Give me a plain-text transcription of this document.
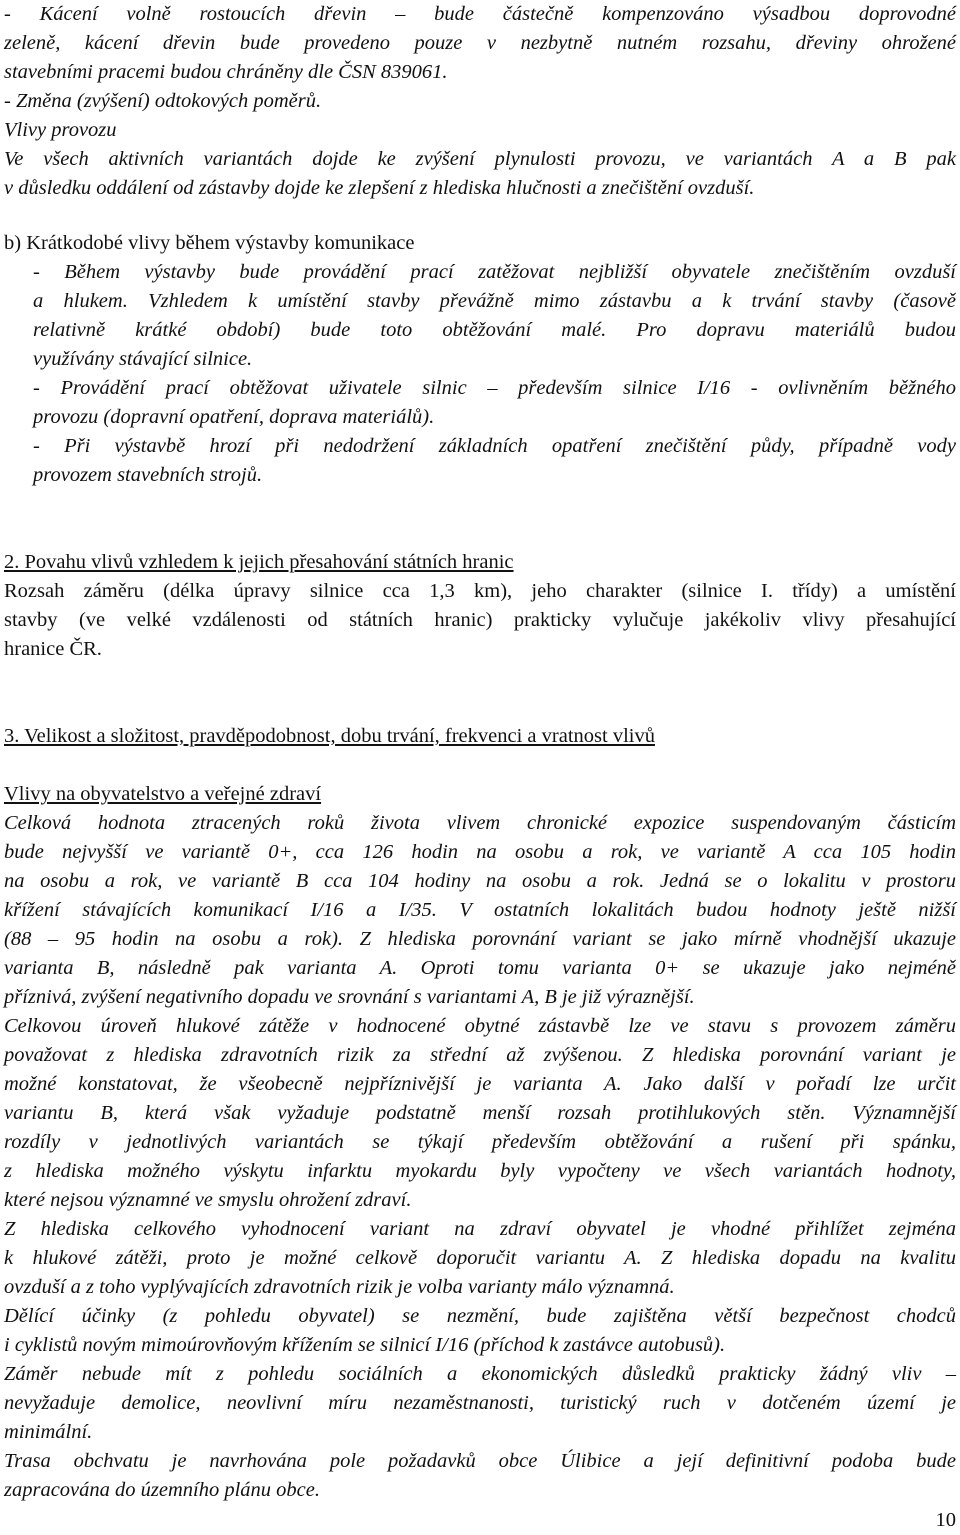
- Kácení volně rostoucích dřevin – bude částečně kompenzováno výsadbou doprovodné
zeleně, kácení dřevin bude provedeno pouze v nezbytně nutném rozsahu, dřeviny ohrožené
stavebními pracemi budou chráněny dle ČSN 839061.
- Změna (zvýšení) odtokových poměrů.
Vlivy provozu
Ve všech aktivních variantách dojde ke zvýšení plynulosti provozu, ve variantách A a B pak
v důsledku oddálení od zástavby dojde ke zlepšení z hlediska hlučnosti a znečištění ovzduší.
b) Krátkodobé vlivy během výstavby komunikace
- Během výstavby bude provádění prací zatěžovat nejbližší obyvatele znečištěním ovzduší
a hlukem. Vzhledem k umístění stavby převážně mimo zástavbu a k trvání stavby (časově
relativně krátké období) bude toto obtěžování malé. Pro dopravu materiálů budou
využívány stávající silnice.
- Provádění prací obtěžovat uživatele silnic – především silnice I/16 - ovlivněním běžného
provozu (dopravní opatření, doprava materiálů).
- Při výstavbě hrozí při nedodržení základních opatření znečištění půdy, případně vody
provozem stavebních strojů.
2. Povahu vlivů vzhledem k jejich přesahování státních hranic
Rozsah záměru (délka úpravy silnice cca 1,3 km), jeho charakter (silnice I. třídy) a umístění
stavby (ve velké vzdálenosti od státních hranic) prakticky vylučuje jakékoliv vlivy přesahující
hranice ČR.
3. Velikost a složitost, pravděpodobnost, dobu trvání, frekvenci a vratnost vlivů
Vlivy na obyvatelstvo a veřejné zdraví
Celková hodnota ztracených roků života vlivem chronické expozice suspendovaným částicím
bude nejvyšší ve variantě 0+, cca 126 hodin na osobu a rok, ve variantě A cca 105 hodin
na osobu a rok, ve variantě B cca 104 hodiny na osobu a rok. Jedná se o lokalitu v prostoru
křížení stávajících komunikací I/16 a I/35. V ostatních lokalitách budou hodnoty ještě nižší
(88 – 95 hodin na osobu a rok). Z hlediska porovnání variant se jako mírně vhodnější ukazuje
varianta B, následně pak varianta A. Oproti tomu varianta 0+ se ukazuje jako nejméně
příznivá, zvýšení negativního dopadu ve srovnání s variantami A, B je již výraznější.
Celkovou úroveň hlukové zátěže v hodnocené obytné zástavbě lze ve stavu s provozem záměru
považovat z hlediska zdravotních rizik za střední až zvýšenou. Z hlediska porovnání variant je
možné konstatovat, že všeobecně nejpříznivější je varianta A. Jako další v pořadí lze určit
variantu B, která však vyžaduje podstatně menší rozsah protihlukových stěn. Významnější
rozdíly v jednotlivých variantách se týkají především obtěžování a rušení při spánku,
z hlediska možného výskytu infarktu myokardu byly vypočteny ve všech variantách hodnoty,
které nejsou významné ve smyslu ohrožení zdraví.
Z hlediska celkového vyhodnocení variant na zdraví obyvatel je vhodné přihlížet zejména
k hlukové zátěži, proto je možné celkově doporučit variantu A. Z hlediska dopadu na kvalitu
ovzduší a z toho vyplývajících zdravotních rizik je volba varianty málo významná.
Dělící účinky (z pohledu obyvatel) se nezmění, bude zajištěna větší bezpečnost chodců
i cyklistů novým mimoúrovňovým křížením se silnicí I/16 (příchod k zastávce autobusů).
Záměr nebude mít z pohledu sociálních a ekonomických důsledků prakticky žádný vliv –
nevyžaduje demolice, neovlivní míru nezaměstnanosti, turistický ruch v dotčeném území je
minimální.
Trasa obchvatu je navrhována pole požadavků obce Úlibice a její definitivní podoba bude
zapracována do územního plánu obce.
10
